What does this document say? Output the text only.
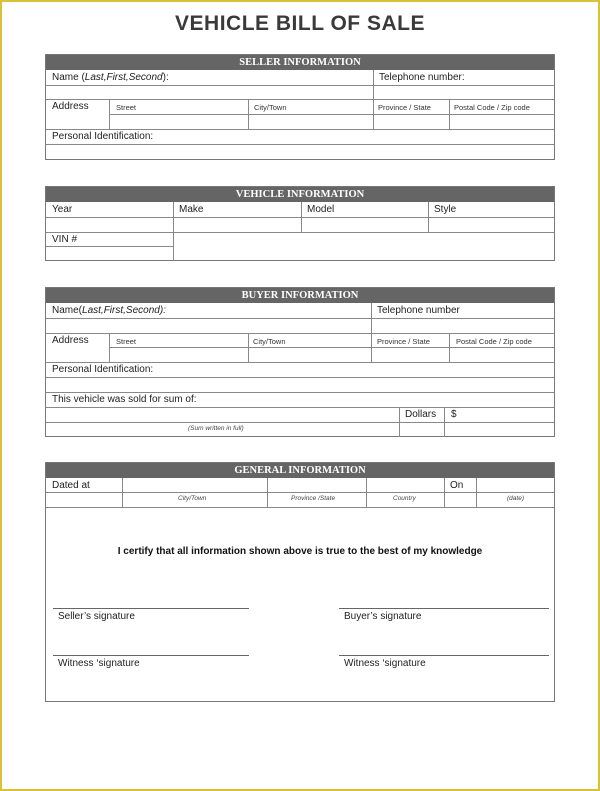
VEHICLE BILL OF SALE
SELLER INFORMATION
Name (Last,First,Second):	Telephone number:
Address	Street	City/Town	Province / State	Postal Code / Zip code
Personal Identification:
VEHICLE INFORMATION
Year	Make	Model	Style
VIN #
BUYER INFORMATION
Name(Last,First,Second):	Telephone number
Address	Street	City/Town	Province / State	Postal Code / Zip code
Personal Identification:
This vehicle was sold for sum of:
Dollars $
(Sum written in full)
GENERAL INFORMATION
Dated at	On
City/Town	Province /State	Country	(date)
I certify that all information shown above is true to the best of my knowledge
Seller’s signature	Buyer’s signature
Witness ‘signature	Witness ‘signature
